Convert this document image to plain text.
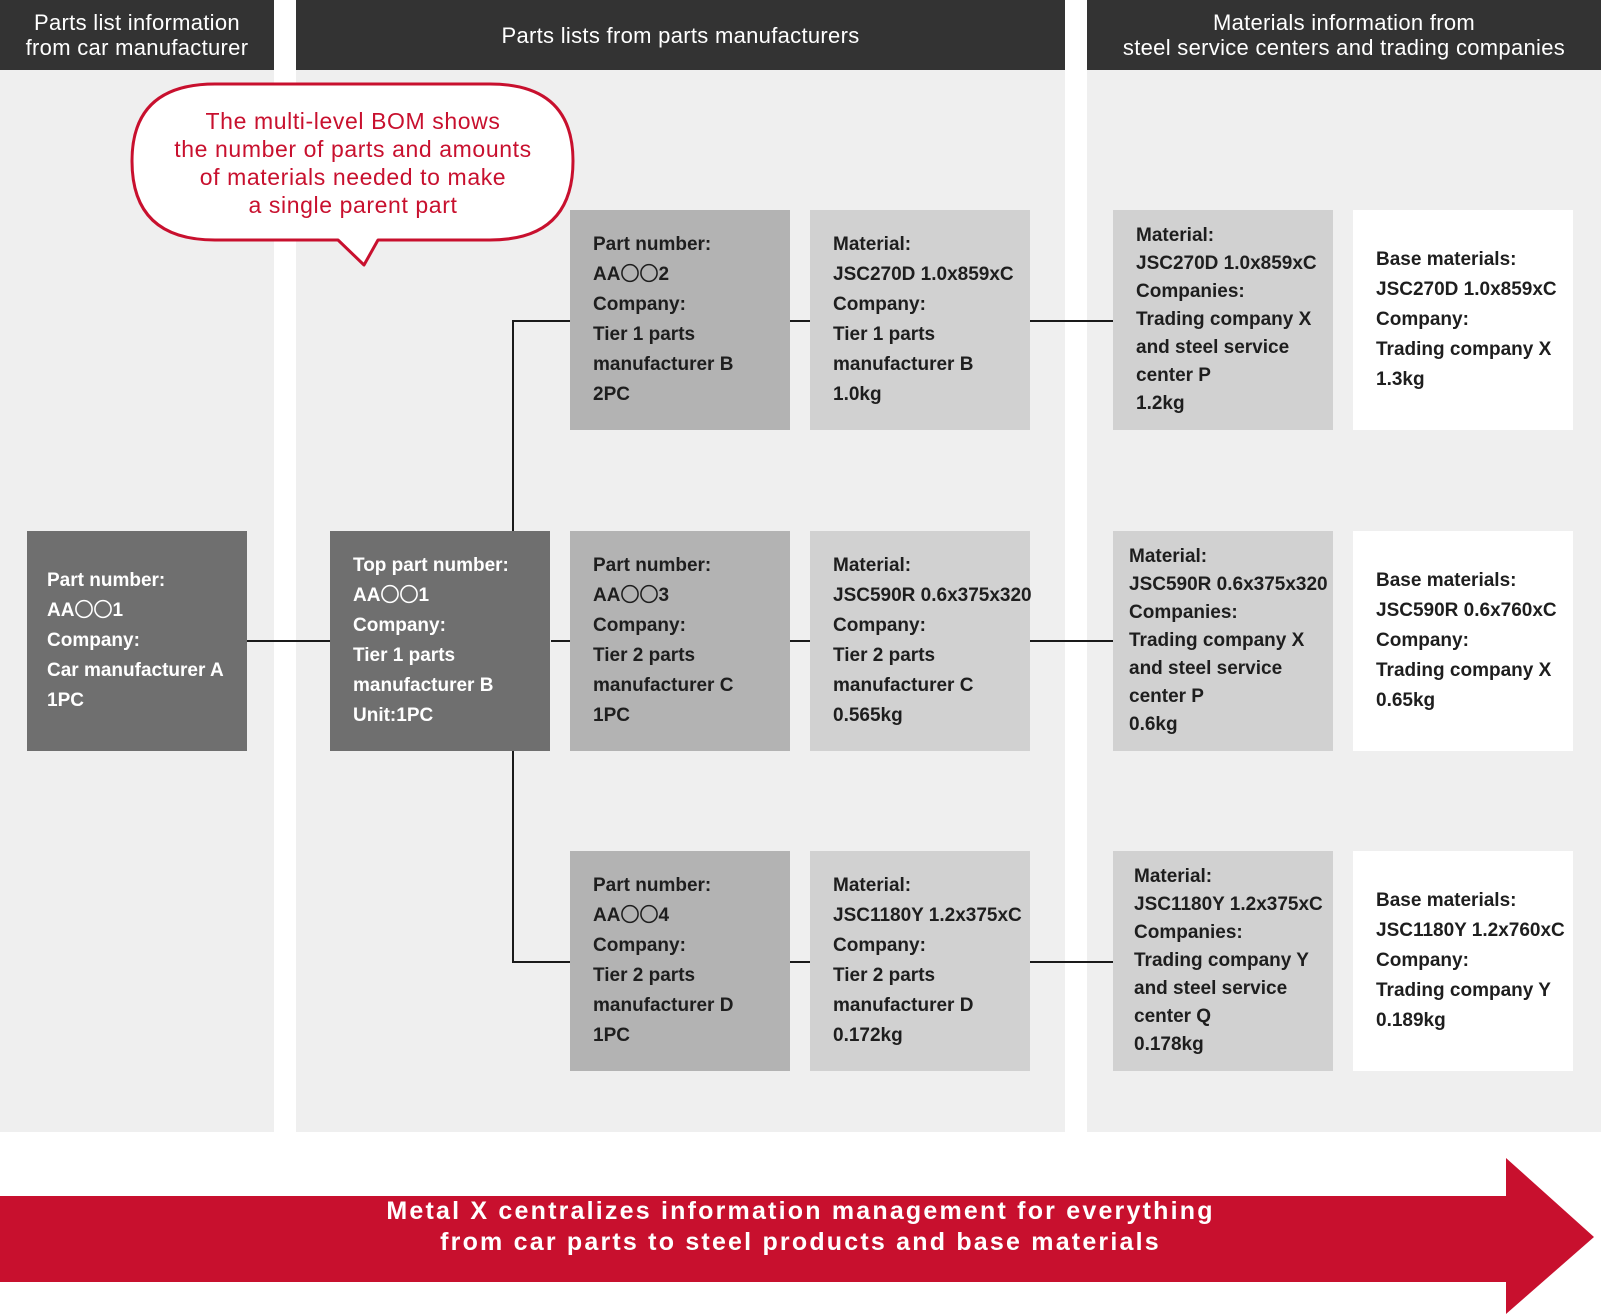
Parts list information
from car manufacturer	Parts lists from parts manufacturers	Materials information from
steel service centers and trading companies
Part number:
AA〇〇1
Company:
Car manufacturer A
1PC
Top part number:
AA〇〇1
Company:
Tier 1 parts
manufacturer B
Unit:1PC
Part number:
AA〇〇2
Company:
Tier 1 parts
manufacturer B
2PC
Material:
JSC270D 1.0x859xC
Company:
Tier 1 parts
manufacturer B
1.0kg
Material:
JSC270D 1.0x859xC
Companies:
Trading company X
and steel service
center P
1.2kg
Base materials:
JSC270D 1.0x859xC
Company:
Trading company X
1.3kg
Part number:
AA〇〇3
Company:
Tier 2 parts
manufacturer C
1PC
Material:
JSC590R 0.6x375x320
Company:
Tier 2 parts
manufacturer C
0.565kg
Material:
JSC590R 0.6x375x320
Companies:
Trading company X
and steel service
center P
0.6kg
Base materials:
JSC590R 0.6x760xC
Company:
Trading company X
0.65kg
Part number:
AA〇〇4
Company:
Tier 2 parts
manufacturer D
1PC
Material:
JSC1180Y 1.2x375xC
Company:
Tier 2 parts
manufacturer D
0.172kg
Material:
JSC1180Y 1.2x375xC
Companies:
Trading company Y
and steel service
center Q
0.178kg
Base materials:
JSC1180Y 1.2x760xC
Company:
Trading company Y
0.189kg
The multi-level BOM shows
the number of parts and amounts
of materials needed to make
a single parent part
Metal X centralizes information management for everything
from car parts to steel products and base materials
